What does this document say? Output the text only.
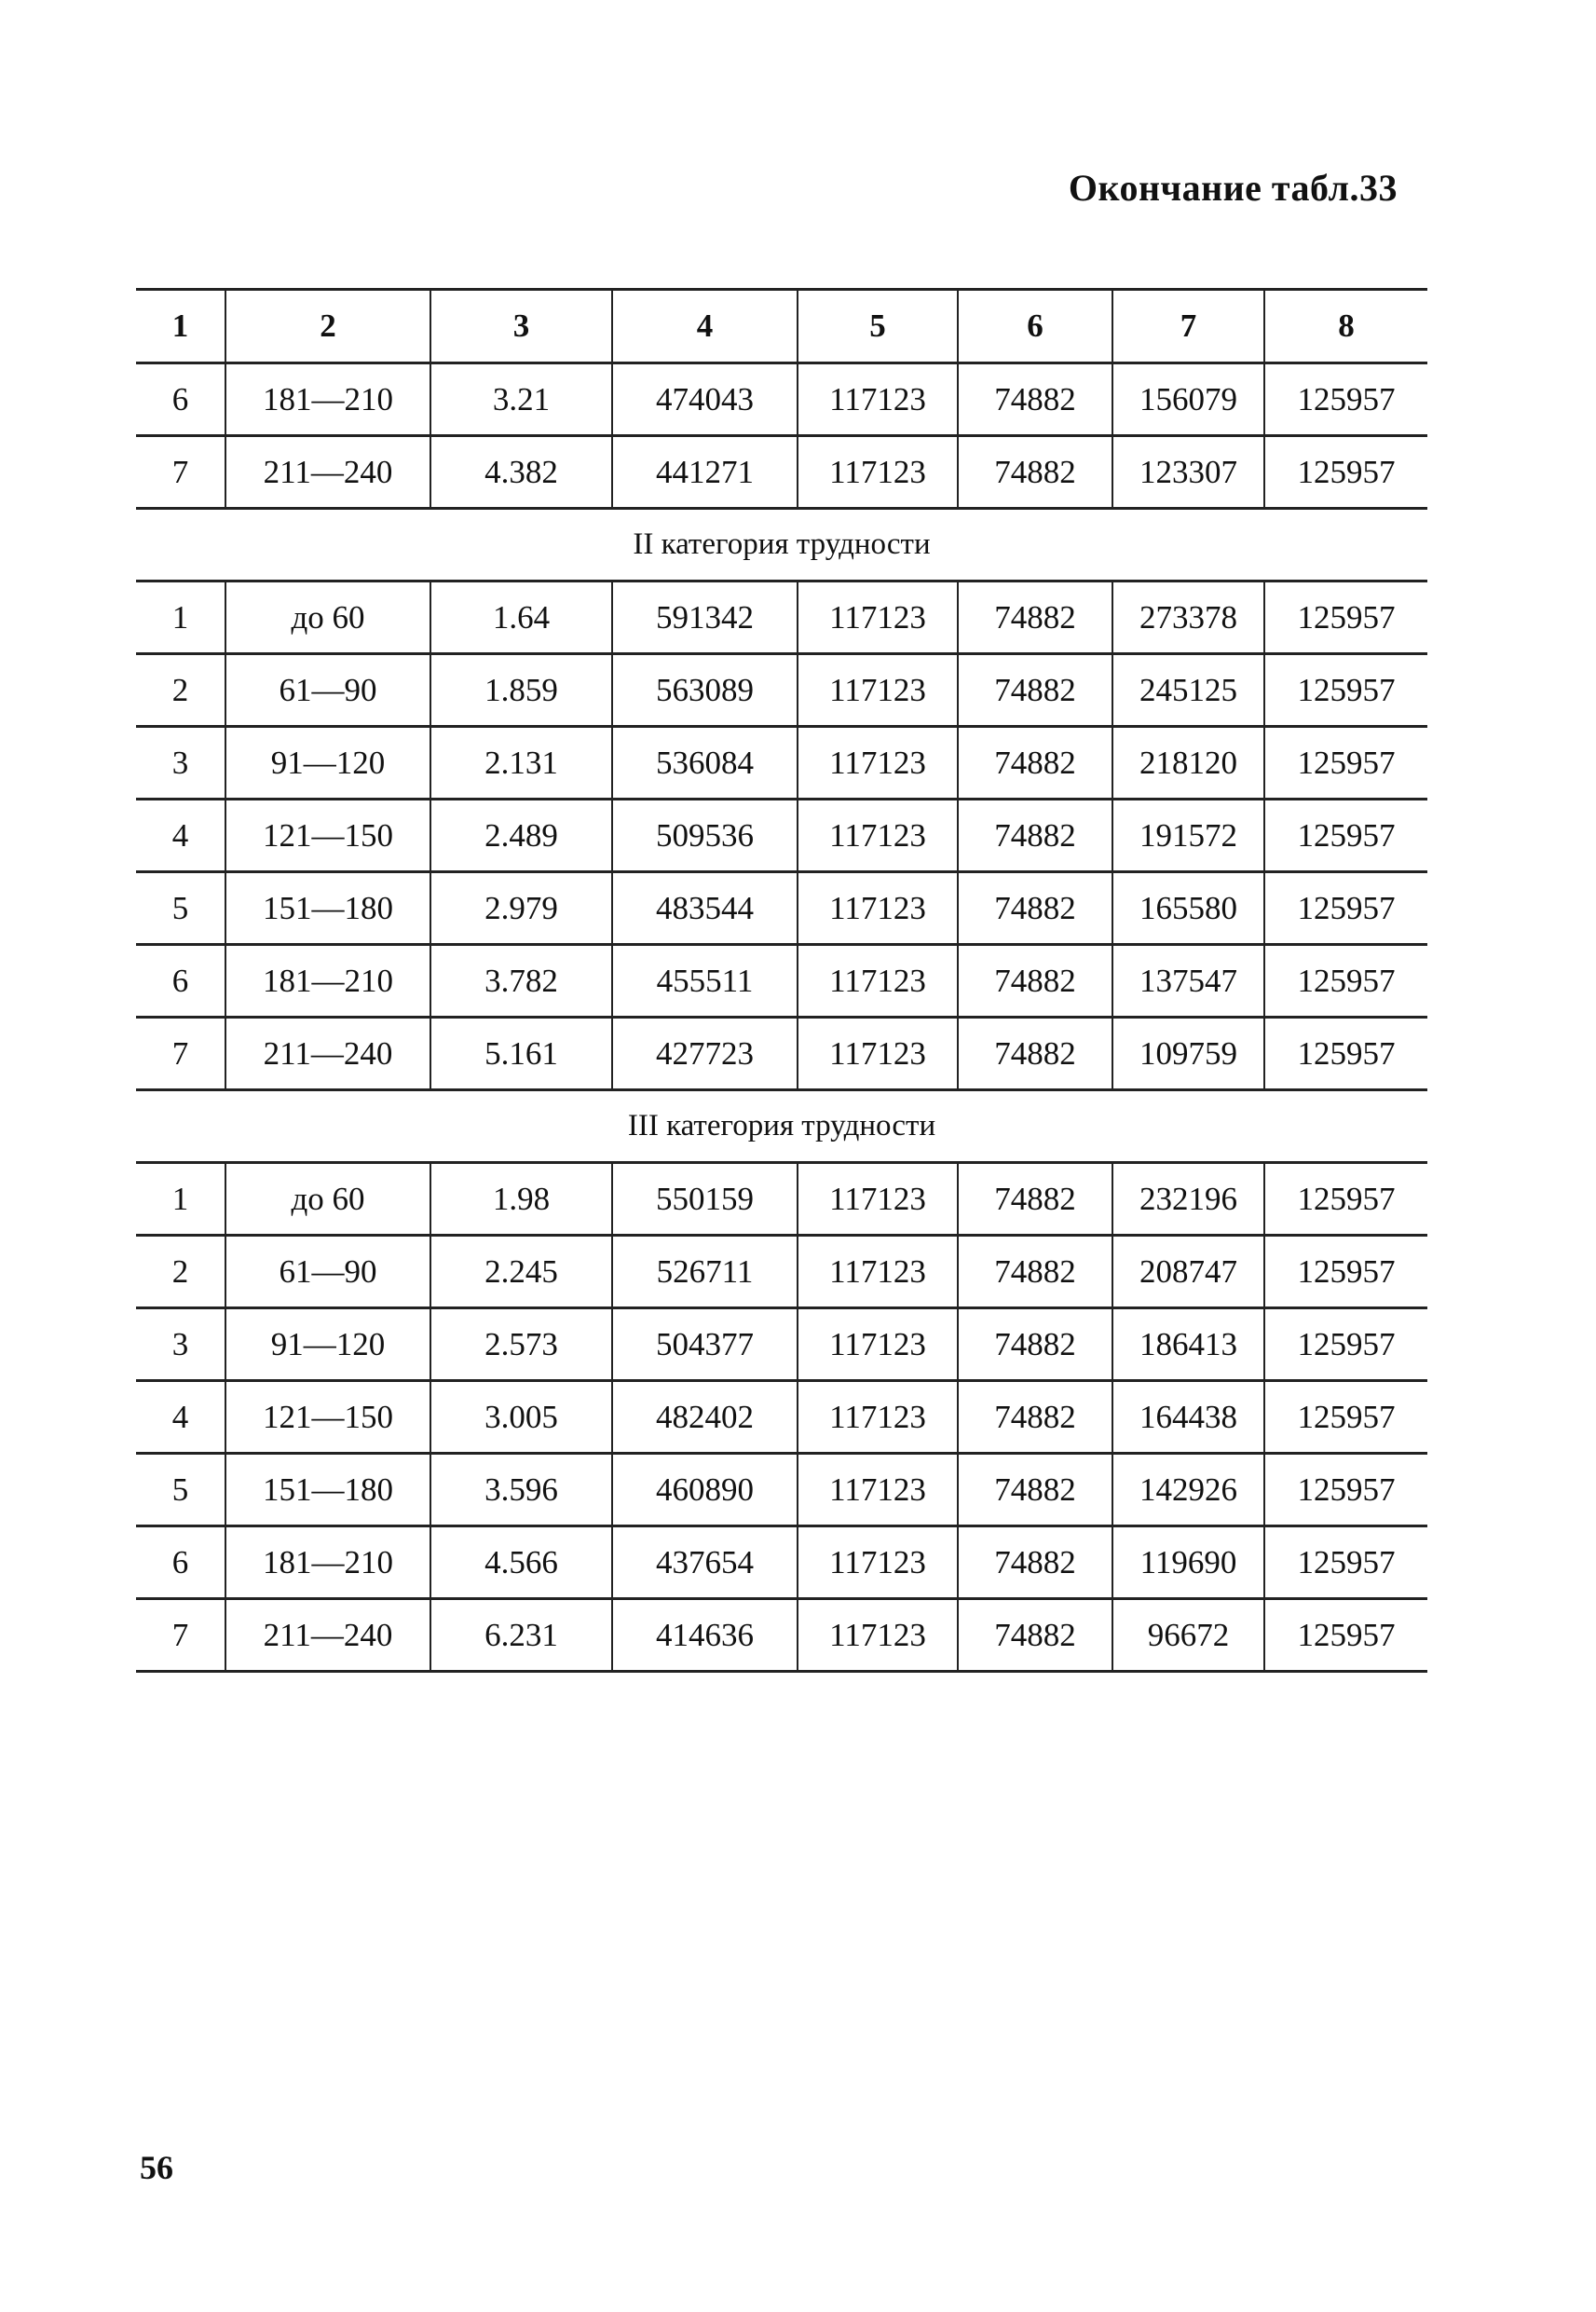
Окончание табл.33
1	2	3	4	5	6	7	8
6	181—210	3.21	474043	117123	74882	156079	125957
7	211—240	4.382	441271	117123	74882	123307	125957
II категория трудности							
1	до 60	1.64	591342	117123	74882	273378	125957
2	61—90	1.859	563089	117123	74882	245125	125957
3	91—120	2.131	536084	117123	74882	218120	125957
4	121—150	2.489	509536	117123	74882	191572	125957
5	151—180	2.979	483544	117123	74882	165580	125957
6	181—210	3.782	455511	117123	74882	137547	125957
7	211—240	5.161	427723	117123	74882	109759	125957
III категория трудности							
1	до 60	1.98	550159	117123	74882	232196	125957
2	61—90	2.245	526711	117123	74882	208747	125957
3	91—120	2.573	504377	117123	74882	186413	125957
4	121—150	3.005	482402	117123	74882	164438	125957
5	151—180	3.596	460890	117123	74882	142926	125957
6	181—210	4.566	437654	117123	74882	119690	125957
7	211—240	6.231	414636	117123	74882	96672	125957
56
